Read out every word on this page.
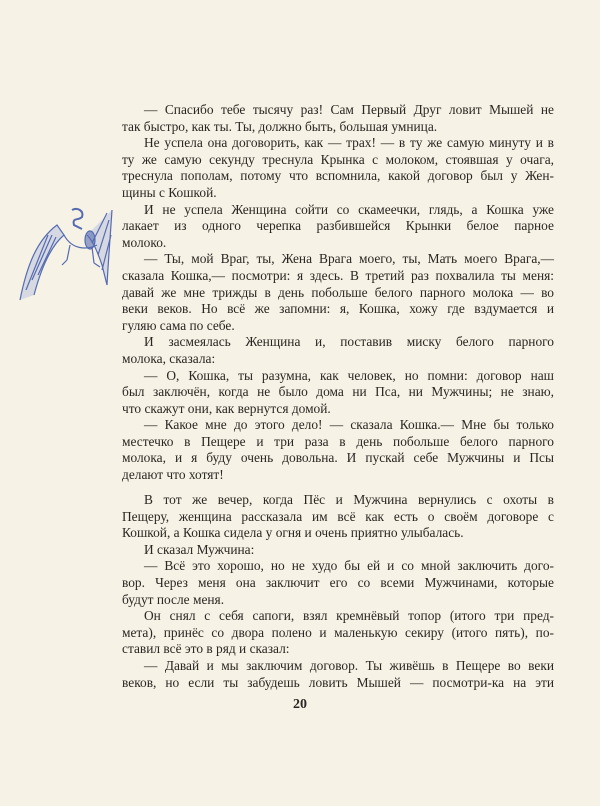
— Спасибо тебе тысячу раз! Сам Первый Друг ловит Мышей не
так быстро, как ты. Ты, должно быть, большая умница.
Не успела она договорить, как — трах! — в ту же самую минуту и в
ту же самую секунду треснула Крынка с молоком, стоявшая у очага,
треснула пополам, потому что вспомнила, какой договор был у Жен-
щины с Кошкой.
И не успела Женщина сойти со скамеечки, глядь, а Кошка уже
лакает из одного черепка разбившейся Крынки белое парное
молоко.
— Ты, мой Враг, ты, Жена Врага моего, ты, Мать моего Врага,—
сказала Кошка,— посмотри: я здесь. В третий раз похвалила ты меня:
давай же мне трижды в день побольше белого парного молока — во
веки веков. Но всё же запомни: я, Кошка, хожу где вздумается и
гуляю сама по себе.
И засмеялась Женщина и, поставив миску белого парного
молока, сказала:
— О, Кошка, ты разумна, как человек, но помни: договор наш
был заключён, когда не было дома ни Пса, ни Мужчины; не знаю,
что скажут они, как вернутся домой.
— Какое мне до этого дело! — сказала Кошка.— Мне бы только
местечко в Пещере и три раза в день побольше белого парного
молока, и я буду очень довольна. И пускай себе Мужчины и Псы
делают что хотят!
В тот же вечер, когда Пёс и Мужчина вернулись с охоты в
Пещеру, женщина рассказала им всё как есть о своём договоре с
Кошкой, а Кошка сидела у огня и очень приятно улыбалась.
И сказал Мужчина:
— Всё это хорошо, но не худо бы ей и со мной заключить дого-
вор. Через меня она заключит его со всеми Мужчинами, которые
будут после меня.
Он снял с себя сапоги, взял кремнёвый топор (итого три пред-
мета), принёс со двора полено и маленькую секиру (итого пять), по-
ставил всё это в ряд и сказал:
— Давай и мы заключим договор. Ты живёшь в Пещере во веки
веков, но если ты забудешь ловить Мышей — посмотри-ка на эти
20
